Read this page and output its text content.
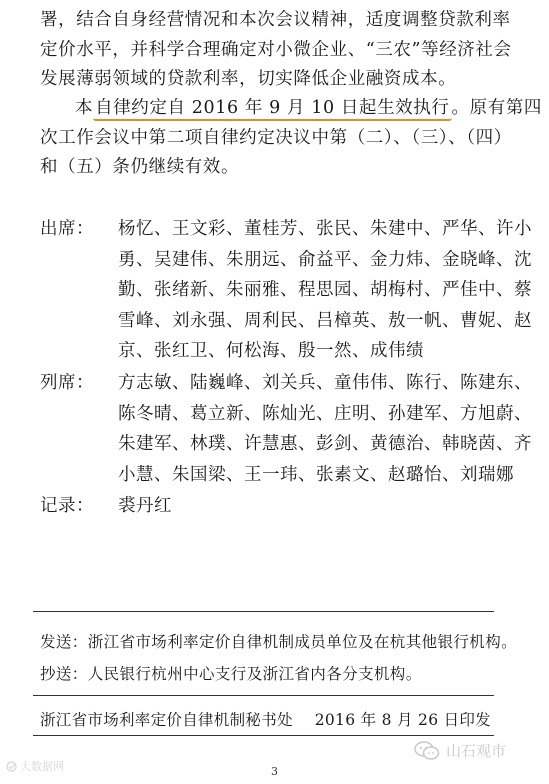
署，结合自身经营情况和本次会议精神，适度调整贷款利率
定价水平，并科学合理确定对小微企业、“三农”等经济社会
发展薄弱领域的贷款利率，切实降低企业融资成本。

本 自律约定自 2016 年 9 月 10 日起生效执行 。原有第四
次工作会议中第二项自律约定决议中第（二）、（三）、（四）
和（五）条仍继续有效。

出席：	杨忆、王文彩、董桂芳、张民、朱建中、严华、许小
勇、吴建伟、朱朋远、俞益平、金力炜、金晓峰、沈
勤、张绪新、朱丽雅、程思园、胡梅村、严佳中、蔡
雪峰、刘永强、周利民、吕樟英、敖一帆、曹妮、赵
京、张红卫、何松海、殷一然、成伟绩
列席：	方志敏、陆巍峰、刘关兵、童伟伟、陈行、陈建东、
陈冬晴、葛立新、陈灿光、庄明、孙建军、方旭蔚、
朱建军、林璞、许慧惠、彭剑、黄德治、韩晓茵、齐
小慧、朱国梁、王一玮、张素文、赵璐怡、刘瑞娜
记录：	裘丹红
发送：浙江省市场利率定价自律机制成员单位及在杭其他银行机构。
抄送：人民银行杭州中心支行及浙江省内各分支机构。
浙江省市场利率定价自律机制秘书处 2016 年 8 月 26 日印发
山石观市
大数据网	3
